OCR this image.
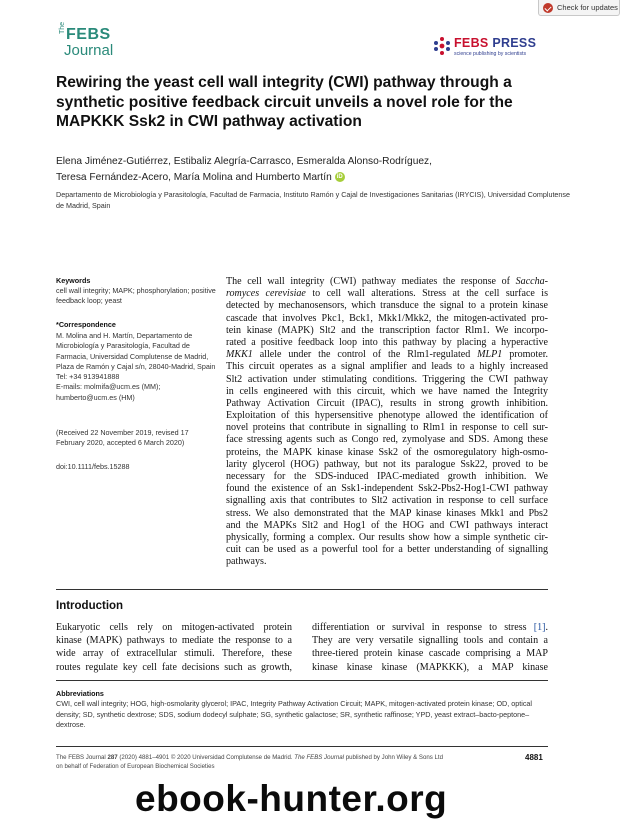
Check for updates
The FEBS
Journal	FEBS PRESS
science publishing by scientists
Rewiring the yeast cell wall integrity (CWI) pathway through a synthetic positive feedback circuit unveils a novel role for the MAPKKK Ssk2 in CWI pathway activation
Elena Jiménez-Gutiérrez, Estibaliz Alegría-Carrasco, Esmeralda Alonso-Rodríguez,
Teresa Fernández-Acero, María Molina and Humberto Martín iD
Departamento de Microbiología y Parasitología, Facultad de Farmacia, Instituto Ramón y Cajal de Investigaciones Sanitarias (IRYCIS), Universidad Complutense de Madrid, Spain
Keywords
cell wall integrity; MAPK; phosphorylation; positive feedback loop; yeast
*Correspondence
M. Molina and H. Martín, Departamento de Microbiología y Parasitología, Facultad de Farmacia, Universidad Complutense de Madrid, Plaza de Ramón y Cajal s/n, 28040-Madrid, Spain
Tel: +34 913941888
E-mails: molmifa@ucm.es (MM); humberto@ucm.es (HM)
(Received 22 November 2019, revised 17 February 2020, accepted 6 March 2020)
doi:10.1111/febs.15288
The cell wall integrity (CWI) pathway mediates the response of Saccha-
romyces cerevisiae to cell wall alterations. Stress at the cell surface is
detected by mechanosensors, which transduce the signal to a protein kinase
cascade that involves Pkc1, Bck1, Mkk1/Mkk2, the mitogen-activated pro-
tein kinase (MAPK) Slt2 and the transcription factor Rlm1. We incorpo-
rated a positive feedback loop into this pathway by placing a hyperactive
MKK1 allele under the control of the Rlm1-regulated MLP1 promoter.
This circuit operates as a signal amplifier and leads to a highly increased
Slt2 activation under stimulating conditions. Triggering the CWI pathway
in cells engineered with this circuit, which we have named the Integrity
Pathway Activation Circuit (IPAC), results in strong growth inhibition.
Exploitation of this hypersensitive phenotype allowed the identification of
novel proteins that contribute in signalling to Rlm1 in response to cell sur-
face stressing agents such as Congo red, zymolyase and SDS. Among these
proteins, the MAPK kinase kinase Ssk2 of the osmoregulatory high-osmo-
larity glycerol (HOG) pathway, but not its paralogue Ssk22, proved to be
necessary for the SDS-induced IPAC-mediated growth inhibition. We
found the existence of an Ssk1-independent Ssk2-Pbs2-Hog1-CWI pathway
signalling axis that contributes to Slt2 activation in response to cell surface
stress. We also demonstrated that the MAP kinase kinases Mkk1 and Pbs2
and the MAPKs Slt2 and Hog1 of the HOG and CWI pathways interact
physically, forming a complex. Our results show how a simple synthetic cir-
cuit can be used as a powerful tool for a better understanding of signalling
pathways.
Introduction
Eukaryotic cells rely on mitogen-activated protein
kinase (MAPK) pathways to mediate the response to a
wide array of extracellular stimuli. Therefore, these
routes regulate key cell fate decisions such as growth,
differentiation or survival in response to stress [1].
They are very versatile signalling tools and contain a
three-tiered protein kinase cascade comprising a MAP
kinase kinase kinase (MAPKKK), a MAP kinase
Abbreviations
CWI, cell wall integrity; HOG, high-osmolarity glycerol; IPAC, Integrity Pathway Activation Circuit; MAPK, mitogen-activated protein kinase; OD, optical density; SD, synthetic dextrose; SDS, sodium dodecyl sulphate; SG, synthetic galactose; SR, synthetic raffinose; YPD, yeast extract–bacto-peptone–dextrose.
The FEBS Journal 287 (2020) 4881–4901 © 2020 Universidad Complutense de Madrid. The FEBS Journal published by John Wiley & Sons Ltd
on behalf of Federation of European Biochemical Societies
4881
ebook-hunter.org
